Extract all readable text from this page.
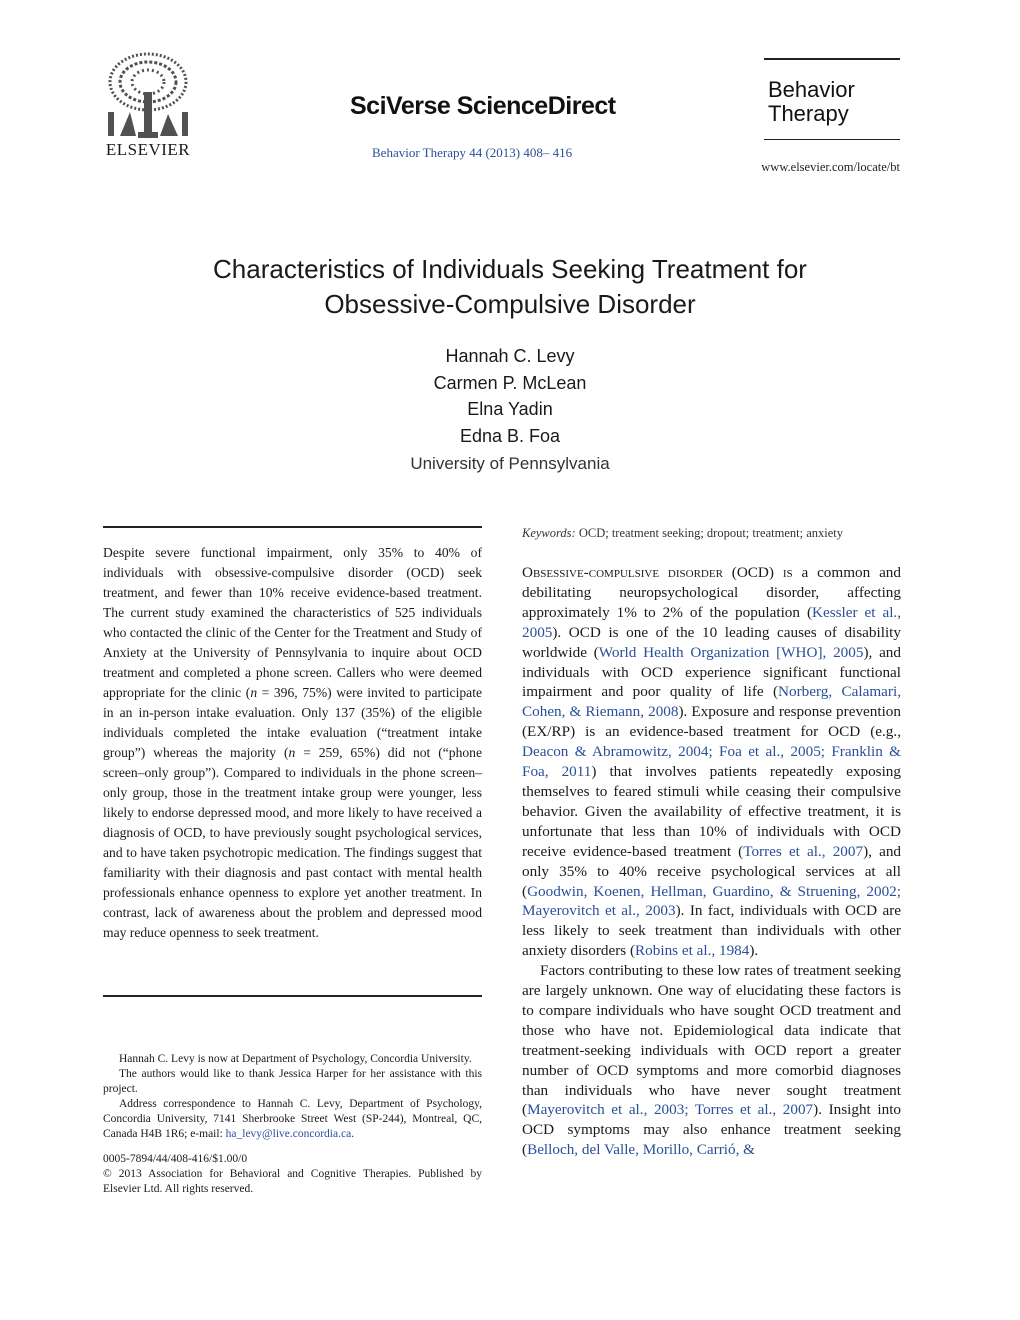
ELSEVIER
SciVerse ScienceDirect
Behavior Therapy 44 (2013) 408– 416
Behavior
Therapy
www.elsevier.com/locate/bt
Characteristics of Individuals Seeking Treatment for
Obsessive-Compulsive Disorder
Hannah C. Levy
Carmen P. McLean
Elna Yadin
Edna B. Foa
University of Pennsylvania

Despite severe functional impairment, only 35% to 40% of individuals with obsessive-compulsive disorder (OCD) seek treatment, and fewer than 10% receive evidence-based treatment. The current study examined the characteristics of 525 individuals who contacted the clinic of the Center for the Treatment and Study of Anxiety at the University of Pennsylvania to inquire about OCD treatment and completed a phone screen. Callers who were deemed appropriate for the clinic (n = 396, 75%) were invited to participate in an in-person intake evaluation. Only 137 (35%) of the eligible individuals completed the intake evaluation (“treatment intake group”) whereas the majority (n = 259, 65%) did not (“phone screen–only group”). Compared to individuals in the phone screen–only group, those in the treatment intake group were younger, less likely to endorse depressed mood, and more likely to have received a diagnosis of OCD, to have previously sought psychological services, and to have taken psychotropic medication. The findings suggest that familiarity with their diagnosis and past contact with mental health professionals enhance openness to explore yet another treatment. In contrast, lack of awareness about the problem and depressed mood may reduce openness to seek treatment.

Hannah C. Levy is now at Department of Psychology, Concordia University.

The authors would like to thank Jessica Harper for her assistance with this project.

Address correspondence to Hannah C. Levy, Department of Psychology, Concordia University, 7141 Sherbrooke Street West (SP-244), Montreal, QC, Canada H4B 1R6; e-mail: ha_levy@live.concordia.ca.

0005-7894/44/408-416/$1.00/0

© 2013 Association for Behavioral and Cognitive Therapies. Published by Elsevier Ltd. All rights reserved.

Keywords: OCD; treatment seeking; dropout; treatment; anxiety

Obsessive-compulsive disorder (OCD) is a common and debilitating neuropsychological disorder, affecting approximately 1% to 2% of the population (Kessler et al., 2005). OCD is one of the 10 leading causes of disability worldwide (World Health Organization [WHO], 2005), and individuals with OCD experience significant functional impairment and poor quality of life (Norberg, Calamari, Cohen, & Riemann, 2008). Exposure and response prevention (EX/RP) is an evidence-based treatment for OCD (e.g., Deacon & Abramowitz, 2004; Foa et al., 2005; Franklin & Foa, 2011) that involves patients repeatedly exposing themselves to feared stimuli while ceasing their compulsive behavior. Given the availability of effective treatment, it is unfortunate that less than 10% of individuals with OCD receive evidence-based treatment (Torres et al., 2007), and only 35% to 40% receive psychological services at all (Goodwin, Koenen, Hellman, Guardino, & Struening, 2002; Mayerovitch et al., 2003). In fact, individuals with OCD are less likely to seek treatment than individuals with other anxiety disorders (Robins et al., 1984).

Factors contributing to these low rates of treatment seeking are largely unknown. One way of elucidating these factors is to compare individuals who have sought OCD treatment and those who have not. Epidemiological data indicate that treatment-seeking individuals with OCD report a greater number of OCD symptoms and more comorbid diagnoses than individuals who have never sought treatment (Mayerovitch et al., 2003; Torres et al., 2007). Insight into OCD symptoms may also enhance treatment seeking (Belloch, del Valle, Morillo, Carrió, &
